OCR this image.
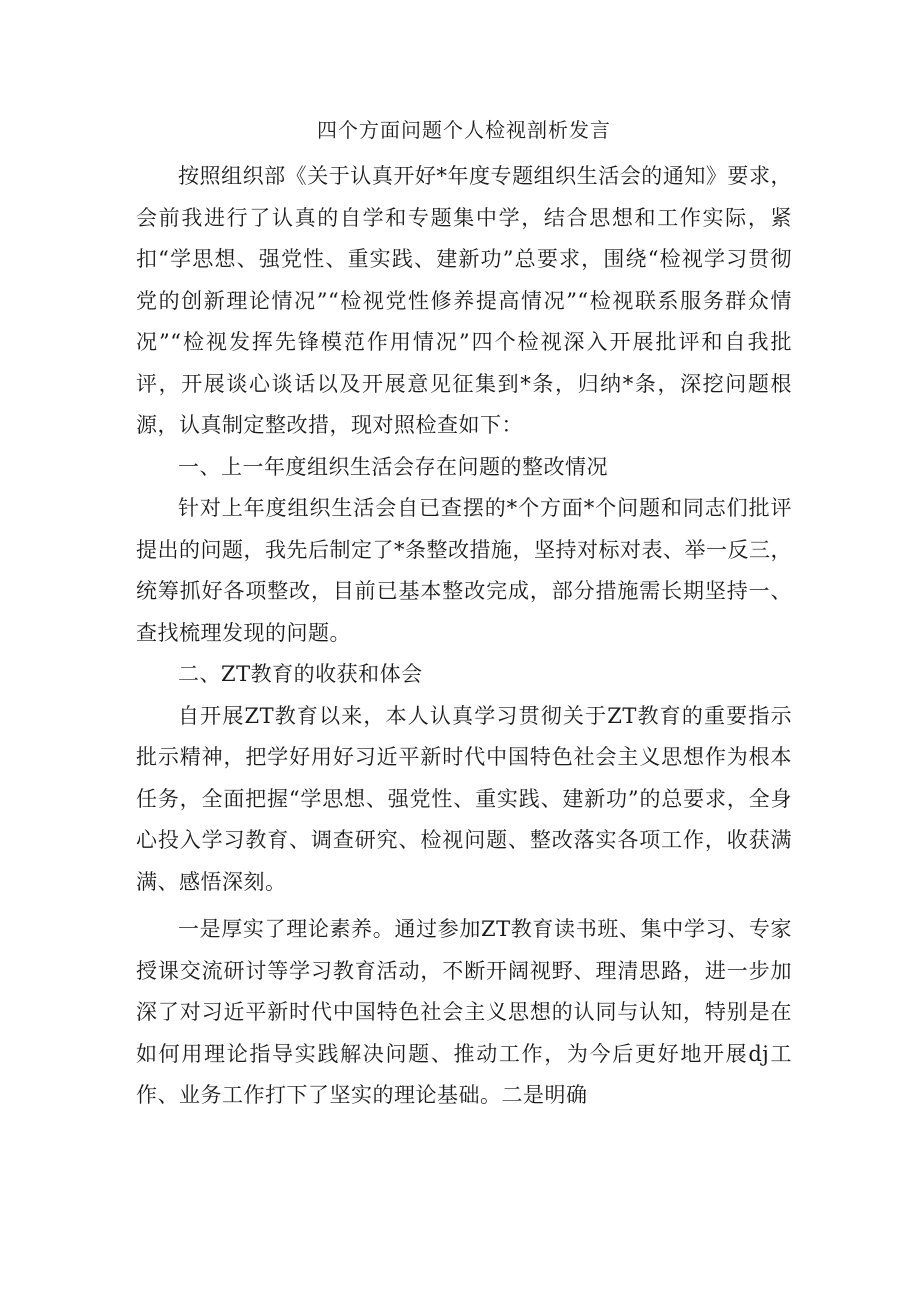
四个方面问题个人检视剖析发言

按照组织部《关于认真开好*年度专题组织生活会的通知》要求，会前我进行了认真的自学和专题集中学，结合思想和工作实际，紧扣“学思想、强党性、重实践、建新功”总要求，围绕“检视学习贯彻党的创新理论情况”“检视党性修养提高情况”“检视联系服务群众情况”“检视发挥先锋模范作用情况”四个检视深入开展批评和自我批评，开展谈心谈话以及开展意见征集到*条，归纳*条，深挖问题根源，认真制定整改措，现对照检查如下：

一、上一年度组织生活会存在问题的整改情况

针对上年度组织生活会自已查摆的*个方面*个问题和同志们批评提出的问题，我先后制定了*条整改措施，坚持对标对表、举一反三，统筹抓好各项整改，目前已基本整改完成，部分措施需长期坚持一、查找梳理发现的问题。

二、ZT教育的收获和体会

自开展ZT教育以来，本人认真学习贯彻关于ZT教育的重要指示批示精神，把学好用好习近平新时代中国特色社会主义思想作为根本任务，全面把握“学思想、强党性、重实践、建新功”的总要求，全身心投入学习教育、调查研究、检视问题、整改落实各项工作，收获满满、感悟深刻。

一是厚实了理论素养。通过参加ZT教育读书班、集中学习、专家授课交流研讨等学习教育活动，不断开阔视野、理清思路，进一步加深了对习近平新时代中国特色社会主义思想的认同与认知，特别是在如何用理论指导实践解决问题、推动工作，为今后更好地开展dj工作、业务工作打下了坚实的理论基础。二是明确
